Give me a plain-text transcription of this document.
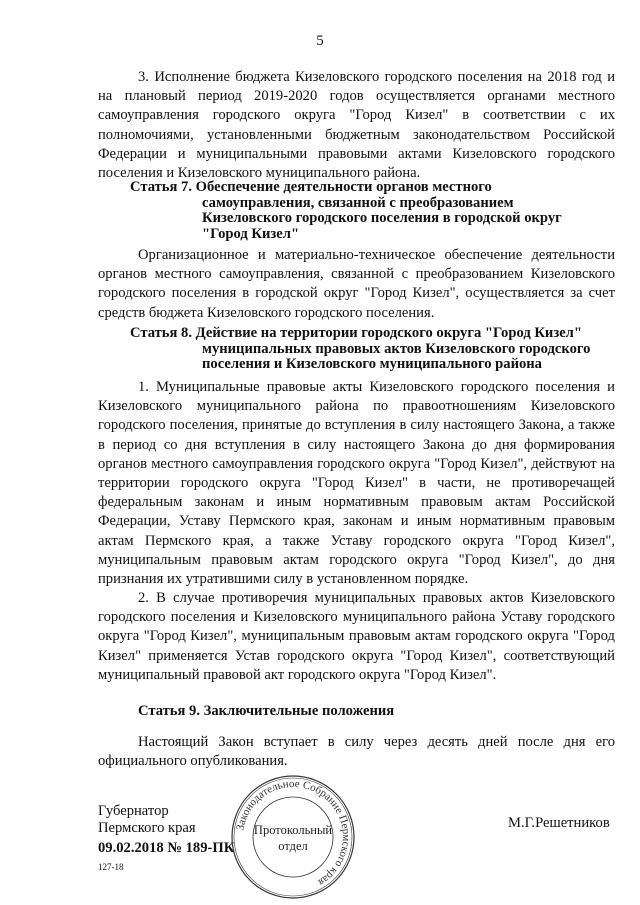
5
3. Исполнение бюджета Кизеловского городского поселения на 2018 год и на плановый период 2019-2020 годов осуществляется органами местного самоуправления городского округа "Город Кизел" в соответствии с их полномочиями, установленными бюджетным законодательством Российской Федерации и муниципальными правовыми актами Кизеловского городского поселения и Кизеловского муниципального района.
Статья 7. Обеспечение деятельности органов местного
самоуправления, связанной с преобразованием
Кизеловского городского поселения в городской округ
"Город Кизел"
Организационное и материально-техническое обеспечение деятельности органов местного самоуправления, связанной с преобразованием Кизеловского городского поселения в городской округ "Город Кизел", осуществляется за счет средств бюджета Кизеловского городского поселения.
Статья 8. Действие на территории городского округа "Город Кизел"
муниципальных правовых актов Кизеловского городского
поселения и Кизеловского муниципального района
1. Муниципальные правовые акты Кизеловского городского поселения и Кизеловского муниципального района по правоотношениям Кизеловского городского поселения, принятые до вступления в силу настоящего Закона, а также в период со дня вступления в силу настоящего Закона до дня формирования органов местного самоуправления городского округа "Город Кизел", действуют на территории городского округа "Город Кизел" в части, не противоречащей федеральным законам и иным нормативным правовым актам Российской Федерации, Уставу Пермского края, законам и иным нормативным правовым актам Пермского края, а также Уставу городского округа "Город Кизел", муниципальным правовым актам городского округа "Город Кизел", до дня признания их утратившими силу в установленном порядке.
2. В случае противоречия муниципальных правовых актов Кизеловского городского поселения и Кизеловского муниципального района Уставу городского округа "Город Кизел", муниципальным правовым актам городского округа "Город Кизел" применяется Устав городского округа "Город Кизел", соответствующий муниципальный правовой акт городского округа "Город Кизел".
Статья 9. Заключительные положения
Настоящий Закон вступает в силу через десять дней после дня его официального опубликования.
Губернатор
Пермского края	М.Г.Решетников
09.02.2018 № 189-ПК
127-18
Законодательное Собрание Пермского края
Протокольный
отдел
